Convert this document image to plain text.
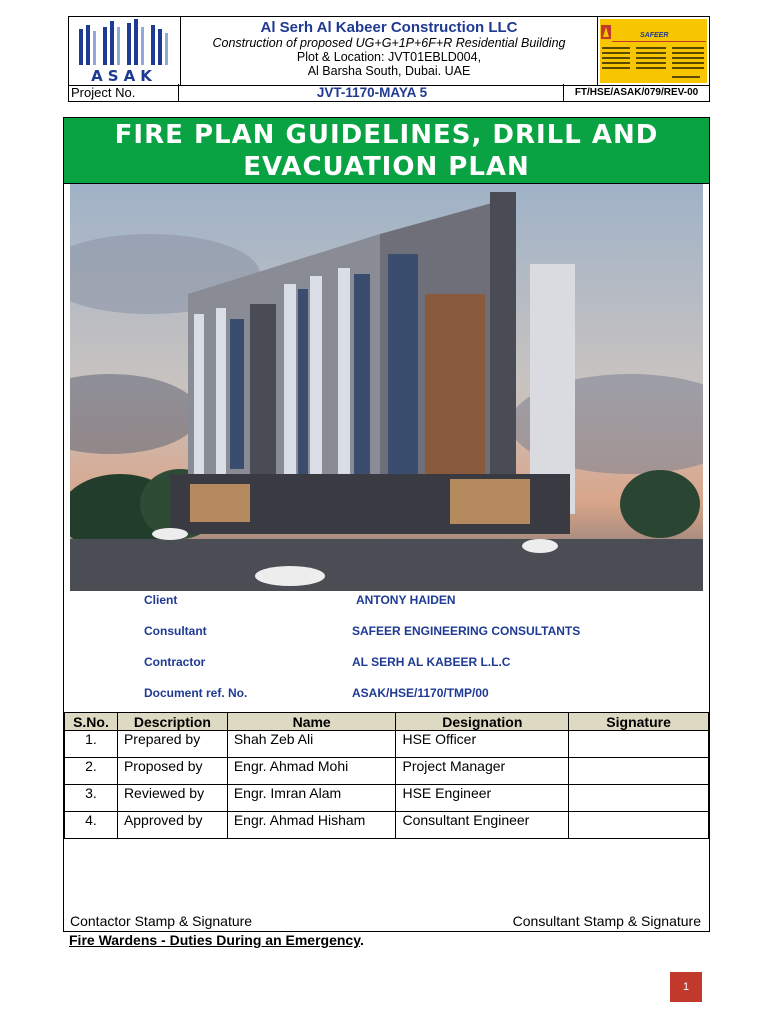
ASAK
Al Serh Al Kabeer Construction LLC
Construction of proposed UG+G+1P+6F+R Residential Building
Plot & Location: JVT01EBLD004,
Al Barsha South, Dubai. UAE
SAFEER
Project No.	JVT-1170-MAYA 5	FT/HSE/ASAK/079/REV-00
FIRE PLAN GUIDELINES, DRILL AND
EVACUATION PLAN
Client	ANTONY HAIDEN
Consultant	SAFEER ENGINEERING CONSULTANTS
Contractor	AL SERH AL KABEER L.L.C
Document ref. No.	ASAK/HSE/1170/TMP/00
S.No.	Description	Name	Designation	Signature
1.	Prepared by	Shah Zeb Ali	HSE Officer	
2.	Proposed by	Engr. Ahmad Mohi	Project Manager	
3.	Reviewed by	Engr. Imran Alam	HSE Engineer	
4.	Approved by	Engr. Ahmad Hisham	Consultant Engineer	
Contactor Stamp & Signature	Consultant Stamp & Signature
Fire Wardens - Duties During an Emergency.
1
